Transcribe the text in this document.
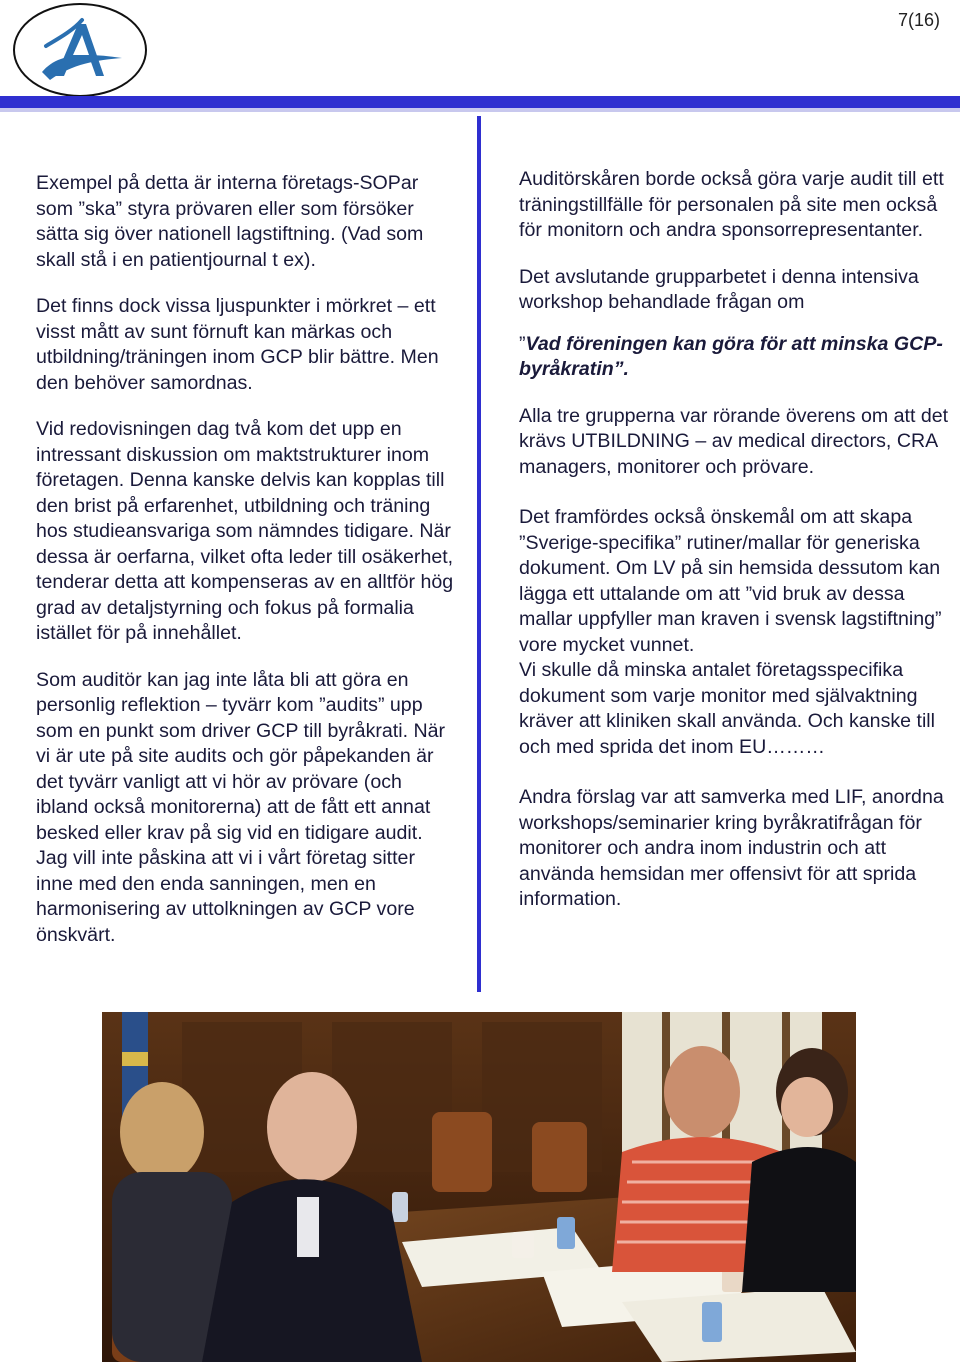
7(16)

Exempel på detta är interna företags-SOPar som ”ska” styra prövaren eller som försöker sätta sig över nationell lagstiftning. (Vad som skall stå i en patientjournal t ex).

Det finns dock vissa ljuspunkter i mörkret – ett visst mått av sunt förnuft kan märkas och utbildning/träningen inom GCP blir bättre. Men den behöver samordnas.

Vid redovisningen dag två kom det upp en intressant diskussion om maktstrukturer inom företagen. Denna kanske delvis kan kopplas till den brist på erfarenhet, utbildning och träning hos studieansvariga som nämndes tidigare. När dessa är oerfarna, vilket ofta leder till osäkerhet, tenderar detta att kompenseras av en alltför hög grad av detaljstyrning och fokus på formalia istället för på innehållet.

Som auditör kan jag inte låta bli att göra en personlig reflektion – tyvärr kom ”audits” upp som en punkt som driver GCP till byråkrati. När vi är ute på site audits och gör påpekanden är det tyvärr vanligt att vi hör av prövare (och ibland också monitorerna) att de fått ett annat besked eller krav på sig vid en tidigare audit.
Jag vill inte påskina att vi i vårt företag sitter inne med den enda sanningen, men en harmonisering av uttolkningen av GCP vore önskvärt.

Auditörskåren borde också göra varje audit till ett träningstillfälle för personalen på site men också för monitorn och andra sponsorrepresentanter.

Det avslutande grupparbetet i denna intensiva workshop behandlade frågan om

”Vad föreningen kan göra för att minska GCP-byråkratin”.

Alla tre grupperna var rörande överens om att det krävs UTBILDNING – av medical directors, CRA managers, monitorer och prövare.

Det framfördes också önskemål om att skapa ”Sverige-specifika” rutiner/mallar för generiska dokument. Om LV på sin hemsida dessutom kan lägga ett uttalande om att ”vid bruk av dessa mallar uppfyller man kraven i svensk lagstiftning” vore mycket vunnet.
Vi skulle då minska antalet företagsspecifika dokument som varje monitor med självaktning kräver att kliniken skall använda. Och kanske till och med sprida det inom EU………

Andra förslag var att samverka med LIF, anordna workshops/seminarier kring byråkratifrågan för monitorer och andra inom industrin och att använda hemsidan mer offensivt för att sprida information.
